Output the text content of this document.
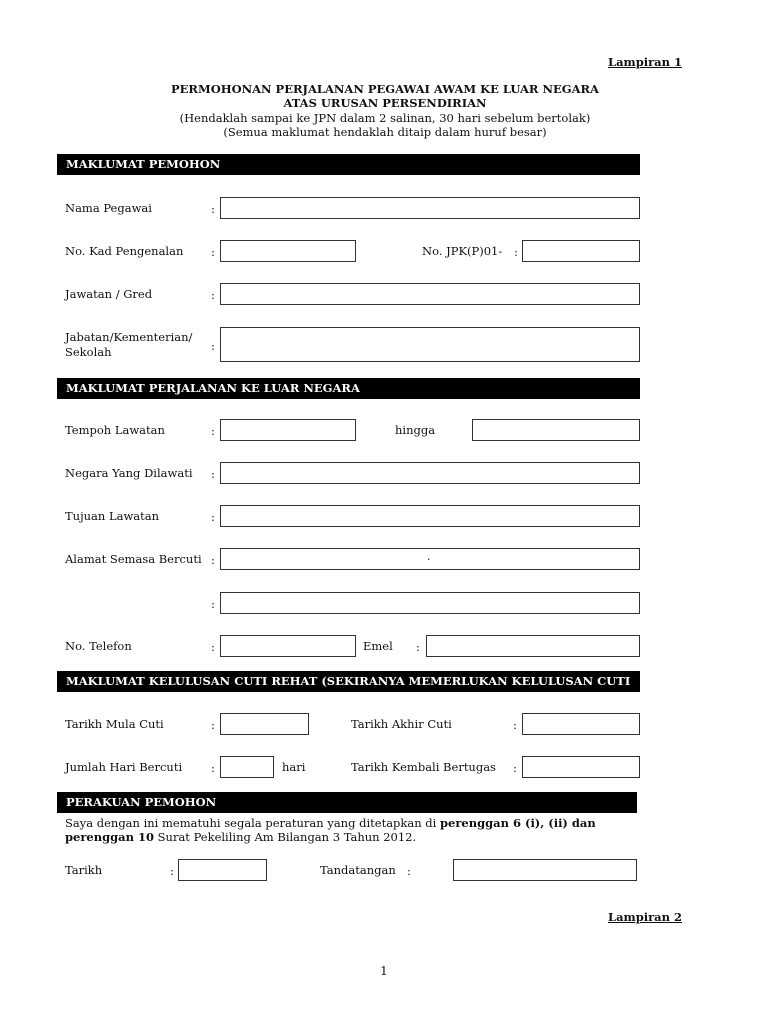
Lampiran 1
PERMOHONAN PERJALANAN PEGAWAI AWAM KE LUAR NEGARA
ATAS URUSAN PERSENDIRIAN
(Hendaklah sampai ke JPN dalam 2 salinan, 30 hari sebelum bertolak)
(Semua maklumat hendaklah ditaip dalam huruf besar)
MAKLUMAT PEMOHON
Nama Pegawai	:
No. Kad Pengenalan :	No. JPK(P)01- :
Jawatan / Gred	:
Jabatan/Kementerian/
Sekolah	:
MAKLUMAT PERJALANAN KE LUAR NEGARA
Tempoh Lawatan	:	hingga
Negara Yang Dilawati :
Tujuan Lawatan	:
Alamat Semasa Bercuti :	.
:
No. Telefon	:	Emel :
MAKLUMAT KELULUSAN CUTI REHAT (SEKIRANYA MEMERLUKAN KELULUSAN CUTI REHAT)
Tarikh Mula Cuti	:	Tarikh Akhir Cuti	:
Jumlah Hari Bercuti	:	hari	Tarikh Kembali Bertugas :
PERAKUAN PEMOHON
Saya dengan ini mematuhi segala peraturan yang ditetapkan di perenggan 6 (i), (ii) dan perenggan 10 Surat Pekeliling Am Bilangan 3 Tahun 2012.
Tarikh	:	Tandatangan :
Lampiran 2
1
